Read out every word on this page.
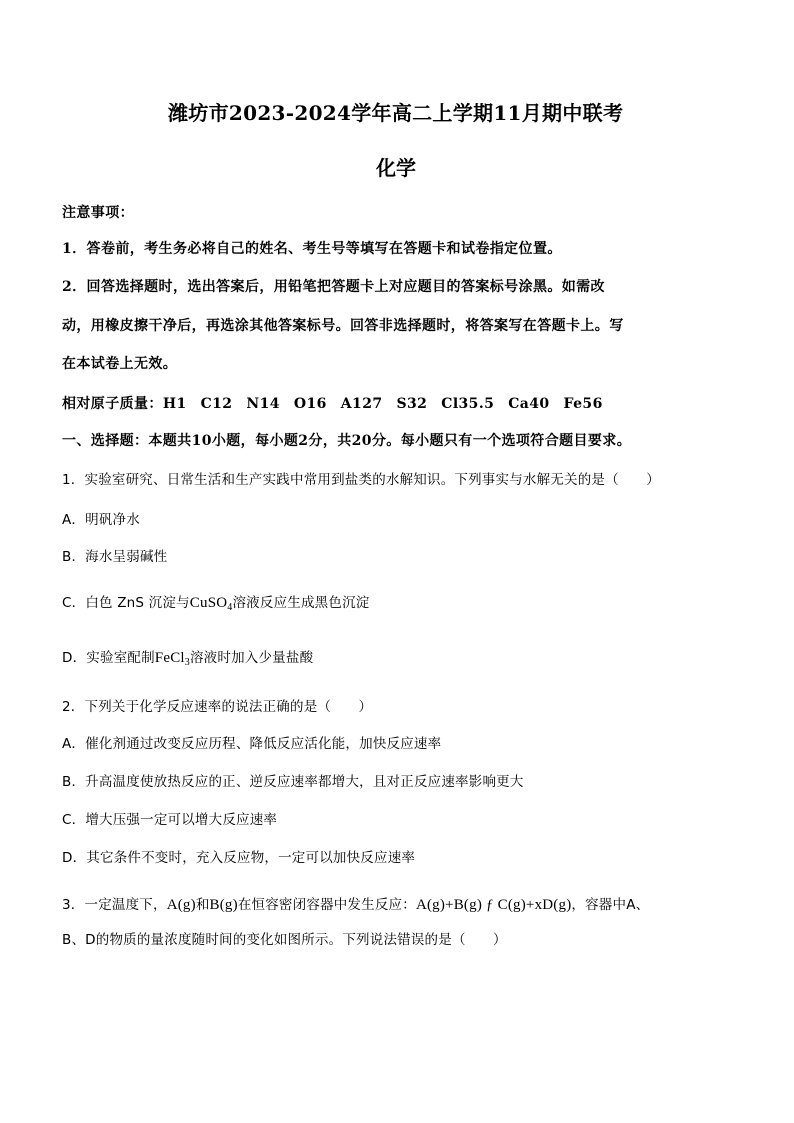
潍坊市2023-2024学年高二上学期11月期中联考
化学
注意事项：
1．答卷前，考生务必将自己的姓名、考生号等填写在答题卡和试卷指定位置。
2．回答选择题时，选出答案后，用铅笔把答题卡上对应题目的答案标号涂黑。如需改
动，用橡皮擦干净后，再选涂其他答案标号。回答非选择题时，将答案写在答题卡上。写
在本试卷上无效。
相对原子质量：H1 C12 N14 O16 A127 S32 Cl35.5 Ca40 Fe56
一、选择题：本题共10小题，每小题2分，共20分。每小题只有一个选项符合题目要求。
1．实验室研究、日常生活和生产实践中常用到盐类的水解知识。下列事实与水解无关的是（　　）
A．明矾净水
B．海水呈弱碱性
C．白色 ZnS 沉淀与CuSO$_4$溶液反应生成黑色沉淀
D．实验室配制FeCl$_3$溶液时加入少量盐酸
2．下列关于化学反应速率的说法正确的是（　　）
A．催化剂通过改变反应历程、降低反应活化能，加快反应速率
B．升高温度使放热反应的正、逆反应速率都增大，且对正反应速率影响更大
C．增大压强一定可以增大反应速率
D．其它条件不变时，充入反应物，一定可以加快反应速率
3．一定温度下，A(g)和B(g)在恒容密闭容器中发生反应：A(g)+B(g) ƒ C(g)+xD(g)，容器中A、
B、D的物质的量浓度随时间的变化如图所示。下列说法错误的是（　　）
